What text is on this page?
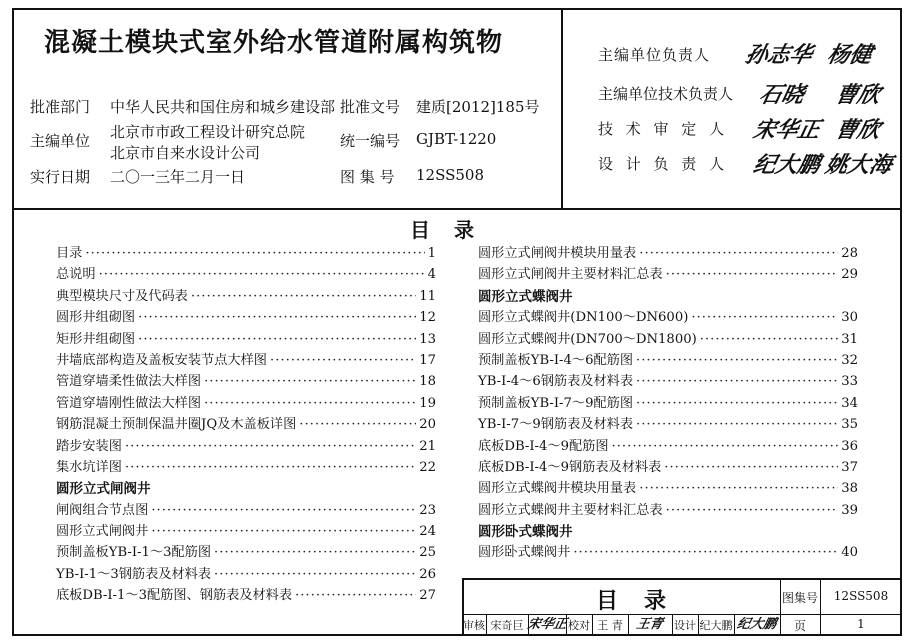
混凝土模块式室外给水管道附属构筑物
批准部门 中华人民共和国住房和城乡建设部 批准文号 建质[2012]185号
主编单位 北京市市政工程设计研究总院
北京市自来水设计公司
统一编号 GJBT-1220
实行日期 二〇一三年二月一日	图 集 号 12SS508
主编单位负责人 孙志华 杨健
主编单位技术负责人 石晓 曹欣
技 术 审 定 人 宋华正 曹欣
设 计 负 责 人 纪大鹏 姚大海
目　录
目录 ·····	1
总说明 ·····	4
典型模块尺寸及代码表 ·····	11
圆形井组砌图 ·····	12
矩形井组砌图 ·····	13
井墙底部构造及盖板安装节点大样图 ·····	17
管道穿墙柔性做法大样图 ·····	18
管道穿墙刚性做法大样图 ·····	19
钢筋混凝土预制保温井圈JQ及木盖板详图 ·····	20
踏步安装图 ·····	21
集水坑详图 ·····	22
圆形立式闸阀井
闸阀组合节点图 ·····	23
圆形立式闸阀井 ·····	24
预制盖板YB-Ⅰ-1～3配筋图 ·····	25
YB-Ⅰ-1～3钢筋表及材料表 ·····	26
底板DB-Ⅰ-1～3配筋图、钢筋表及材料表 ·····	27
圆形立式闸阀井模块用量表 ·····	28
圆形立式闸阀井主要材料汇总表 ·····	29
圆形立式蝶阀井
圆形立式蝶阀井(DN100～DN600) ·····	30
圆形立式蝶阀井(DN700～DN1800) ·····	31
预制盖板YB-Ⅰ-4～6配筋图 ·····	32
YB-Ⅰ-4～6钢筋表及材料表 ·····	33
预制盖板YB-Ⅰ-7～9配筋图 ·····	34
YB-Ⅰ-7～9钢筋表及材料表 ·····	35
底板DB-Ⅰ-4～9配筋图 ·····	36
底板DB-Ⅰ-4～9钢筋表及材料表 ·····	37
圆形立式蝶阀井模块用量表 ·····	38
圆形立式蝶阀井主要材料汇总表 ·····	39
圆形卧式蝶阀井
圆形卧式蝶阀井 ·····	40
目　录	图集号	12SS508
审核 宋奇巨 宋华正 校对 王 青 王青 设计 纪大鹏 纪大鹏	页	1
